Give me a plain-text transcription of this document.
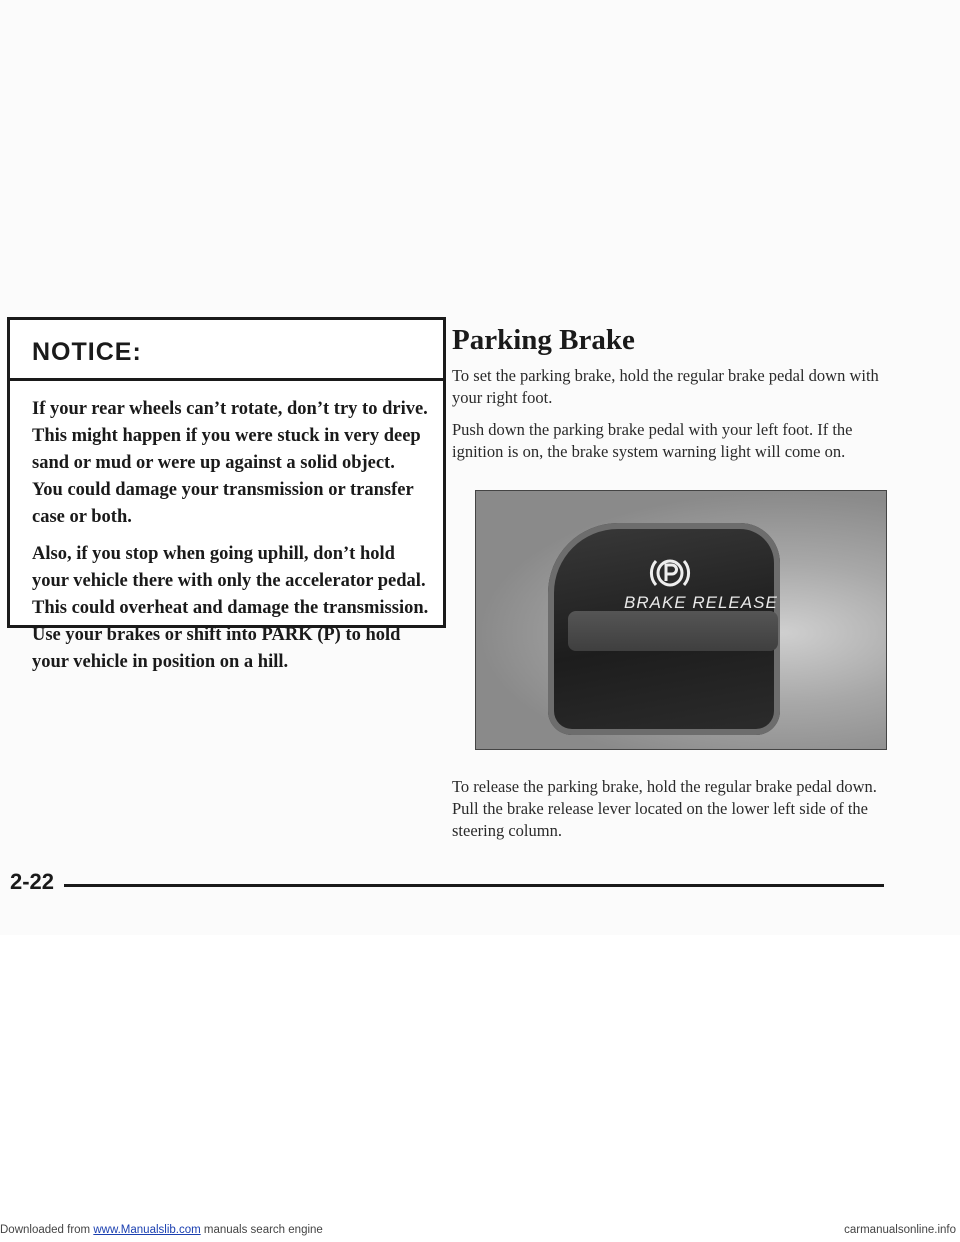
NOTICE:

If your rear wheels can’t rotate, don’t try to drive. This might happen if you were stuck in very deep sand or mud or were up against a solid object. You could damage your transmission or transfer case or both.

Also, if you stop when going uphill, don’t hold your vehicle there with only the accelerator pedal. This could overheat and damage the transmission. Use your brakes or shift into PARK (P) to hold your vehicle in position on a hill.

Parking Brake

To set the parking brake, hold the regular brake pedal down with your right foot.

Push down the parking brake pedal with your left foot. If the ignition is on, the brake system warning light will come on.

BRAKE RELEASE

To release the parking brake, hold the regular brake pedal down. Pull the brake release lever located on the lower left side of the steering column.

2-22
Downloaded from www.Manualslib.com manuals search engine	carmanualsonline.info
